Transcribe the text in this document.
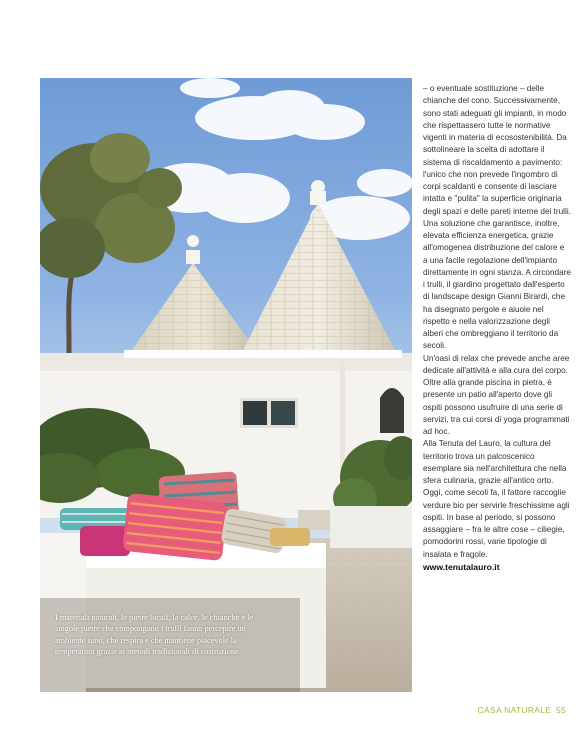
I materiali naturali, le pietre locali, la calce, le chianche e le singole pietre che compongono i trulli fanno percepire un ambiente sano, che respira e che mantiene piacevole la temperatura grazie ai metodi tradizionali di costruzione.

– o eventuale sostituzione – delle chianche del cono. Successivamente, sono stati adeguati gli impianti, in modo che rispettassero tutte le normative vigenti in materia di ecosostenibilità. Da sottolineare la scelta di adottare il sistema di riscaldamento a pavimento: l'unico che non prevede l'ingombro di corpi scaldanti e consente di lasciare intatta e "pulita" la superficie originaria degli spazi e delle pareti interne dei trulli. Una soluzione che garantisce, inoltre, elevata efficienza energetica, grazie all'omogenea distribuzione del calore e a una facile regolazione dell'impianto direttamente in ogni stanza. A circondare i trulli, il giardino progettato dall'esperto di landscape design Gianni Birardi, che ha disegnato pergole e aiuole nel rispetto e nella valorizzazione degli alberi che ombreggiano il territorio da secoli.

Un'oasi di relax che prevede anche aree dedicate all'attività e alla cura del corpo. Oltre alla grande piscina in pietra, è presente un patio all'aperto dove gli ospiti possono usufruire di una serie di servizi, tra cui corsi di yoga programmati ad hoc.

Alla Tenuta del Lauro, la cultura del territorio trova un palcoscenico esemplare sia nell'architettura che nella sfera culinaria, grazie all'antico orto. Oggi, come secoli fa, il fattore raccoglie verdure bio per servirle freschissime agli ospiti. In base al periodo, si possono assaggiare – fra le altre cose – ciliegie, pomodorini rossi, varie tipologie di insalata e fragole.

www.tenutalauro.it

CASA NATURALE 55
